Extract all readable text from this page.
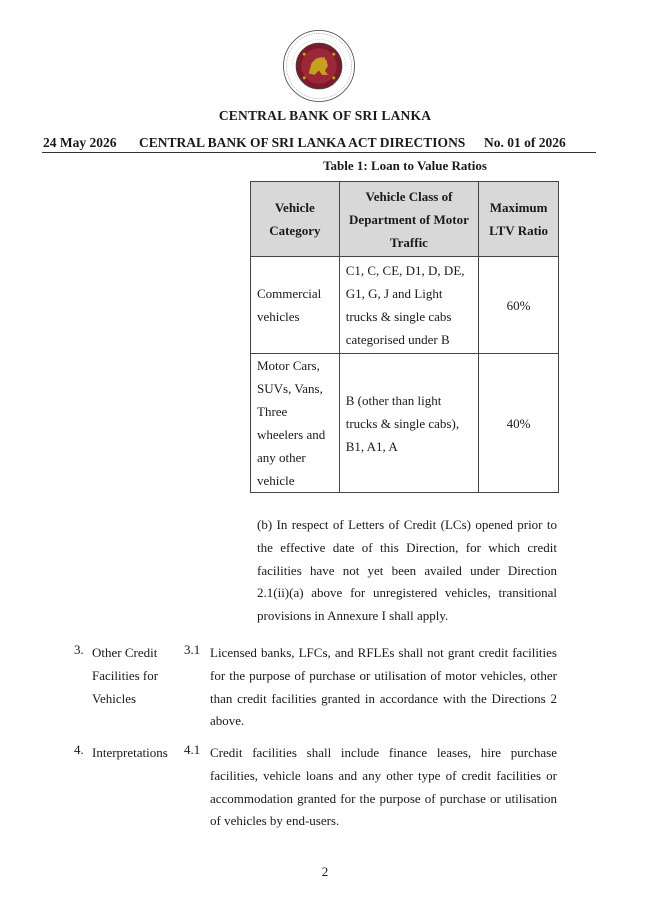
CENTRAL BANK OF SRI LANKA
24 May 2026 CENTRAL BANK OF SRI LANKA ACT DIRECTIONS No. 01 of 2026
Table 1: Loan to Value Ratios
Vehicle Category	Vehicle Class of Department of Motor Traffic	Maximum LTV Ratio
Commercial vehicles	C1, C, CE, D1, D, DE, G1, G, J and Light trucks & single cabs categorised under B	60%
Motor Cars, SUVs, Vans, Three wheelers and any other vehicle	B (other than light trucks & single cabs), B1, A1, A	40%
(b) In respect of Letters of Credit (LCs) opened prior to the effective date of this Direction, for which credit facilities have not yet been availed under Direction 2.1(ii)(a) above for unregistered vehicles, transitional provisions in Annexure I shall apply.
3. Other Credit Facilities for Vehicles
3.1 Licensed banks, LFCs, and RFLEs shall not grant credit facilities for the purpose of purchase or utilisation of motor vehicles, other than credit facilities granted in accordance with the Directions 2 above.
4. Interpretations	4.1 Credit facilities shall include finance leases, hire purchase facilities, vehicle loans and any other type of credit facilities or accommodation granted for the purpose of purchase or utilisation of vehicles by end-users.
2
